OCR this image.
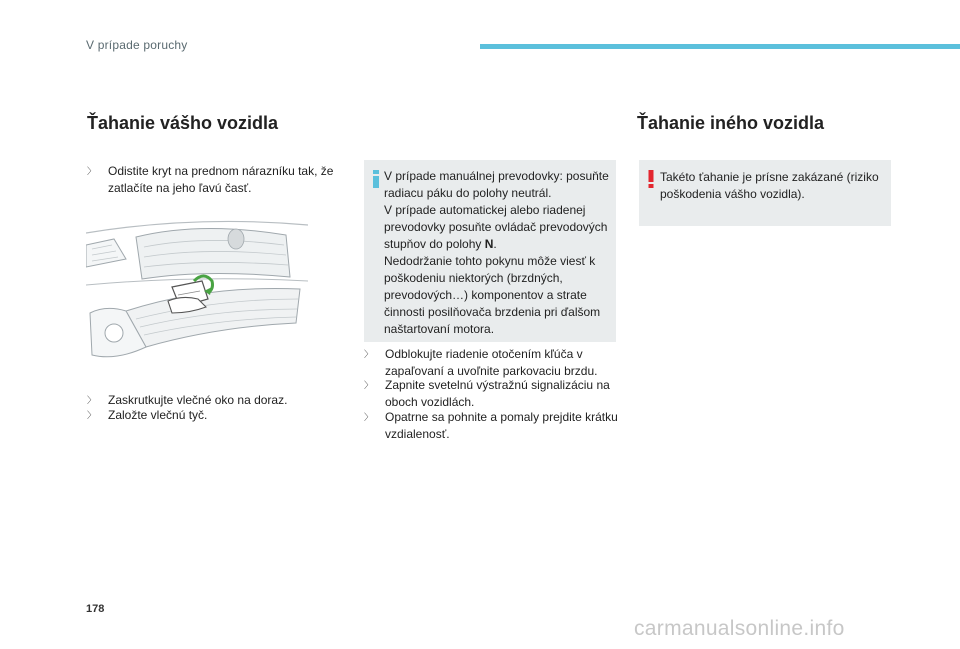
V prípade poruchy
Ťahanie vášho vozidla
〉 Odistite kryt na prednom nárazníku tak, že zatlačíte na jeho ľavú časť.
〉 Zaskrutkujte vlečné oko na doraz.
〉 Založte vlečnú tyč.

V prípade manuálnej prevodovky: posuňte radiacu páku do polohy neutrál.

V prípade automatickej alebo riadenej prevodovky posuňte ovládač prevodových stupňov do polohy N.

Nedodržanie tohto pokynu môže viesť k poškodeniu niektorých (brzdných, prevodových…) komponentov a strate činnosti posilňovača brzdenia pri ďalšom naštartovaní motora.

〉 Odblokujte riadenie otočením kľúča v zapaľovaní a uvoľnite parkovaciu brzdu.
〉 Zapnite svetelnú výstražnú signalizáciu na oboch vozidlách.
〉 Opatrne sa pohnite a pomaly prejdite krátku vzdialenosť.
Ťahanie iného vozidla

Takéto ťahanie je prísne zakázané (riziko poškodenia vášho vozidla).

178
carmanualsonline.info
